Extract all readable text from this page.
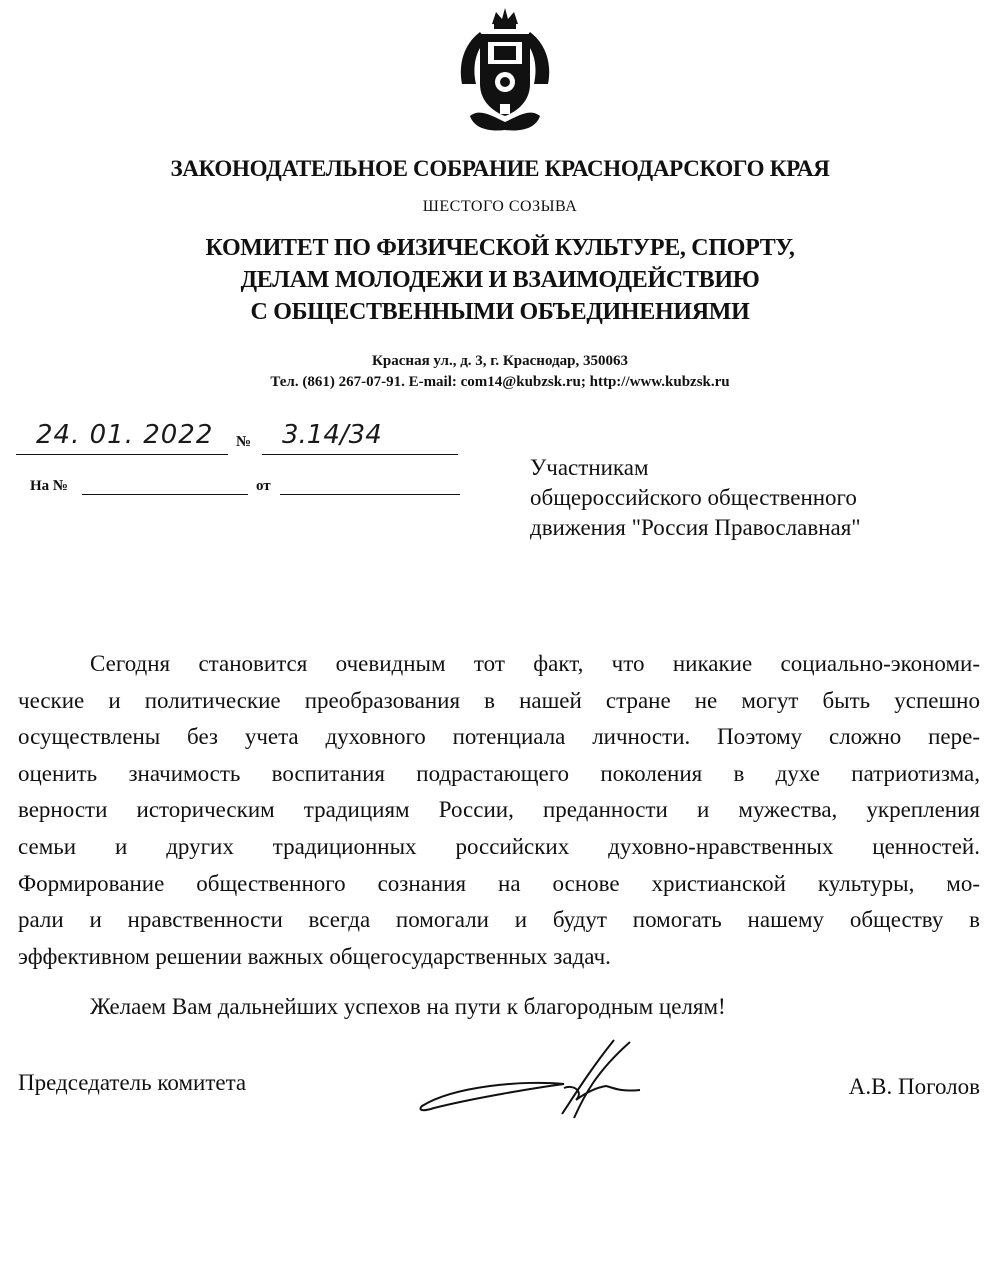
ЗАКОНОДАТЕЛЬНОЕ СОБРАНИЕ КРАСНОДАРСКОГО КРАЯ
ШЕСТОГО СОЗЫВА
КОМИТЕТ ПО ФИЗИЧЕСКОЙ КУЛЬТУРЕ, СПОРТУ,
ДЕЛАМ МОЛОДЕЖИ И ВЗАИМОДЕЙСТВИЮ
С ОБЩЕСТВЕННЫМИ ОБЪЕДИНЕНИЯМИ
Красная ул., д. 3, г. Краснодар, 350063
Тел. (861) 267-07-91. E-mail: com14@kubzsk.ru; http://www.kubzsk.ru
24. 01. 2022 № 3.14/34
На №	от
Участникам
общероссийского общественного
движения "Россия Православная"
Сегодня становится очевидным тот факт, что никакие социально-экономи-
ческие и политические преобразования в нашей стране не могут быть успешно
осуществлены без учета духовного потенциала личности. Поэтому сложно пере-
оценить значимость воспитания подрастающего поколения в духе патриотизма,
верности историческим традициям России, преданности и мужества, укрепления
семьи и других традиционных российских духовно-нравственных ценностей.
Формирование общественного сознания на основе христианской культуры, мо-
рали и нравственности всегда помогали и будут помогать нашему обществу в
эффективном решении важных общегосударственных задач.
Желаем Вам дальнейших успехов на пути к благородным целям!
Председатель комитета	А.В. Поголов
